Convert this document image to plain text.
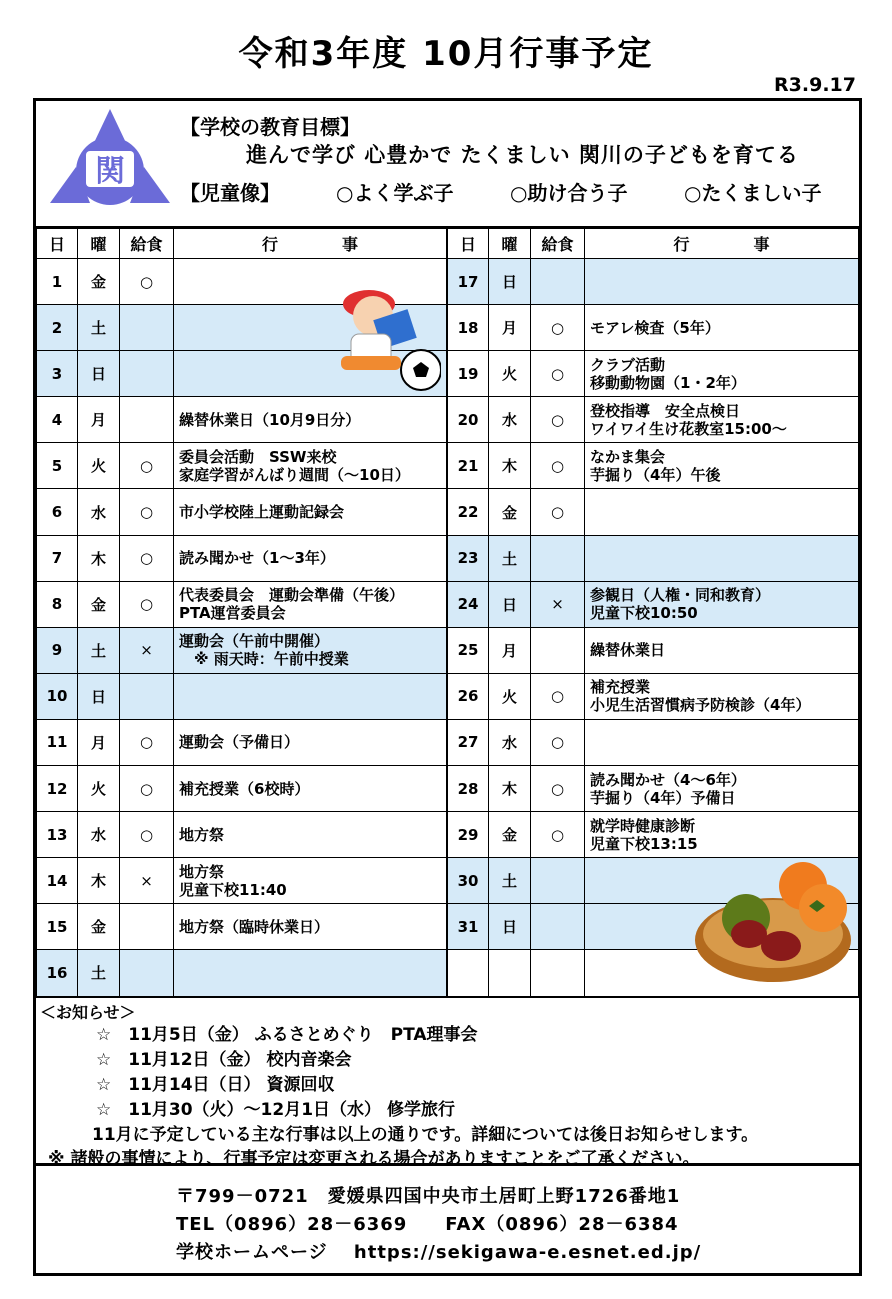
令和3年度 10月行事予定
R3.9.17
関
【学校の教育目標】
進んで学び 心豊かで たくましい 関川の子どもを育てる
【児童像】	○よく学ぶ子	○助け合う子	○たくましい子
日	曜	給食	行　　　　事
1	金	○	

2	土		

3	日		

4	月		繰替休業日（10月9日分）

5	火	○	委員会活動　SSW来校
家庭学習がんばり週間（～10日）

6	水	○	市小学校陸上運動記録会

7	木	○	読み聞かせ（1～3年）

8	金	○	代表委員会　運動会準備（午後）
PTA運営委員会

9	土	×	運動会（午前中開催）
　※ 雨天時：午前中授業

10	日		

11	月	○	運動会（予備日）

12	火	○	補充授業（6校時）

13	水	○	地方祭

14	木	×	地方祭
児童下校11:40

15	金		地方祭（臨時休業日）

16	土		
日	曜	給食	行　　　　事
17	日		

18	月	○	モアレ検査（5年）

19	火	○	クラブ活動
移動動物園（1・2年）

20	水	○	登校指導　安全点検日
ワイワイ生け花教室15:00～

21	木	○	なかま集会
芋掘り（4年）午後

22	金	○	

23	土		

24	日	×	参観日（人権・同和教育）
児童下校10:50

25	月		繰替休業日

26	火	○	補充授業
小児生活習慣病予防検診（4年）

27	水	○	

28	木	○	読み聞かせ（4～6年）
芋掘り（4年）予備日

29	金	○	就学時健康診断
児童下校13:15

30	土		

31	日		

＜お知らせ＞
☆　11月5日（金） ふるさとめぐり　PTA理事会
☆　11月12日（金） 校内音楽会
☆　11月14日（日） 資源回収
☆　11月30（火）～12月1日（水） 修学旅行
11月に予定している主な行事は以上の通りです。詳細については後日お知らせします。
※ 諸般の事情により、行事予定は変更される場合がありますことをご了承ください。
〒799－0721　愛媛県四国中央市土居町上野1726番地1
TEL（0896）28－6369　　FAX（0896）28－6384
学校ホームページ　 https://sekigawa-e.esnet.ed.jp/
